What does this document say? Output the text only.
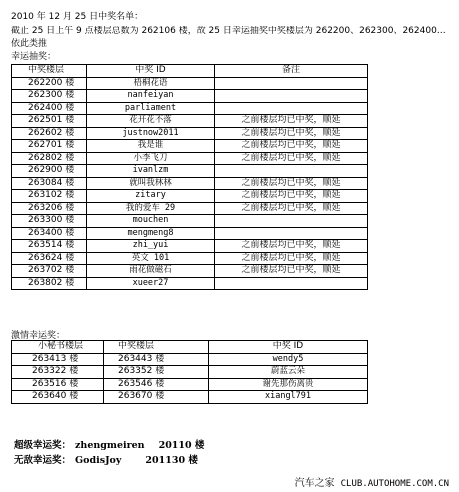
2010 年 12 月 25 日中奖名单：
截止 25 日上午 9 点楼层总数为 262106 楼，故 25 日幸运抽奖中奖楼层为 262200、262300、262400…
依此类推
幸运抽奖：
中奖楼层	中奖 ID	备注
262200 楼	梧桐花语	
262300 楼	nanfeiyan	
262400 楼	parliament	
262501 楼	花开花不落	之前楼层均已中奖，顺延
262602 楼	justnow2011	之前楼层均已中奖，顺延
262701 楼	我是谁	之前楼层均已中奖，顺延
262802 楼	小李飞刀	之前楼层均已中奖，顺延
262900 楼	ivanlzm	
263084 楼	就叫我林林	之前楼层均已中奖，顺延
263102 楼	zitary	之前楼层均已中奖，顺延
263206 楼	我的爱车 29	之前楼层均已中奖，顺延
263300 楼	mouchen	
263400 楼	mengmeng8	
263514 楼	zhi_yui	之前楼层均已中奖，顺延
263624 楼	英文 101	之前楼层均已中奖，顺延
263702 楼	雨花做磁石	之前楼层均已中奖，顺延
263802 楼	xueer27	
激情幸运奖：
小秘书楼层	中奖楼层	中奖 ID
263413 楼	263443 楼	wendy5
263322 楼	263352 楼	蔚蓝云朵
263516 楼	263546 楼	谢先那伤离贵
263640 楼	263670 楼	xiangl791
超级幸运奖： zhengmeiren 20110 楼
无敌幸运奖： GodisJoy	201130 楼
汽车之家 CLUB.AUTOHOME.COM.CN
